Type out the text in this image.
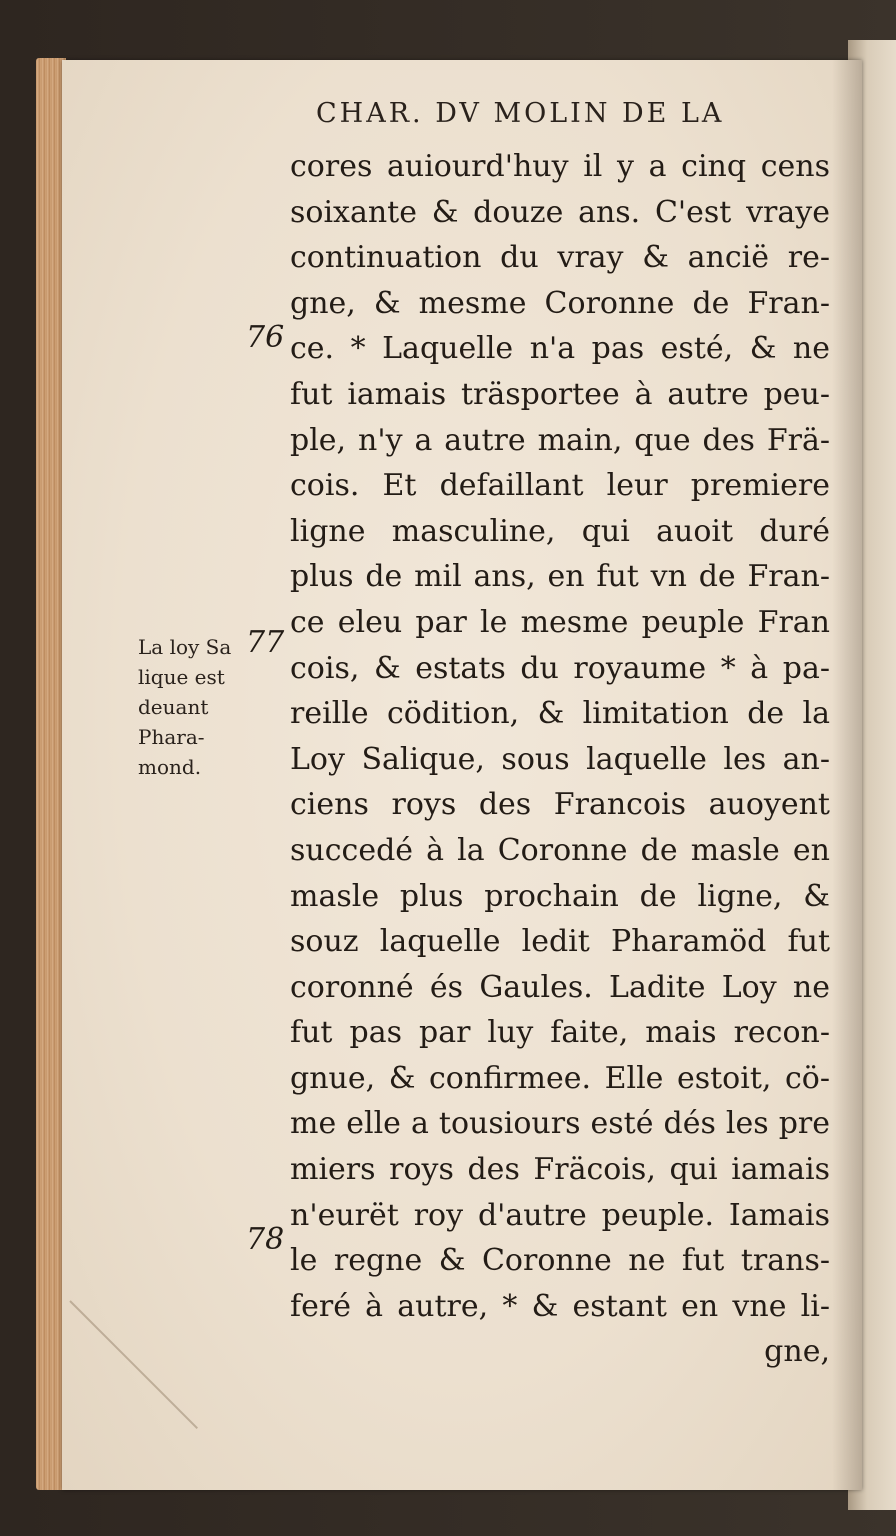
CHAR. DV MOLIN DE LA
76
77
78
La loy Sa
lique est
deuant
Phara-
mond.
cores auiourd'huy il y a cinq cens
soixante & douze ans. C'est vraye
continuation du vray & ancië re-
gne, & mesme Coronne de Fran-
ce. * Laquelle n'a pas esté, & ne
fut iamais träsportee à autre peu-
ple, n'y a autre main, que des Frä-
cois. Et defaillant leur premiere
ligne masculine, qui auoit duré
plus de mil ans, en fut vn de Fran-
ce eleu par le mesme peuple Fran
cois, & estats du royaume * à pa-
reille cödition, & limitation de la
Loy Salique, sous laquelle les an-
ciens roys des Francois auoyent
succedé à la Coronne de masle en
masle plus prochain de ligne, &
souz laquelle ledit Pharamöd fut
coronné és Gaules. Ladite Loy ne
fut pas par luy faite, mais recon-
gnue, & confirmee. Elle estoit, cö-
me elle a tousiours esté dés les pre
miers roys des Fräcois, qui iamais
n'eurët roy d'autre peuple. Iamais
le regne & Coronne ne fut trans-
feré à autre, * & estant en vne li-
gne,
